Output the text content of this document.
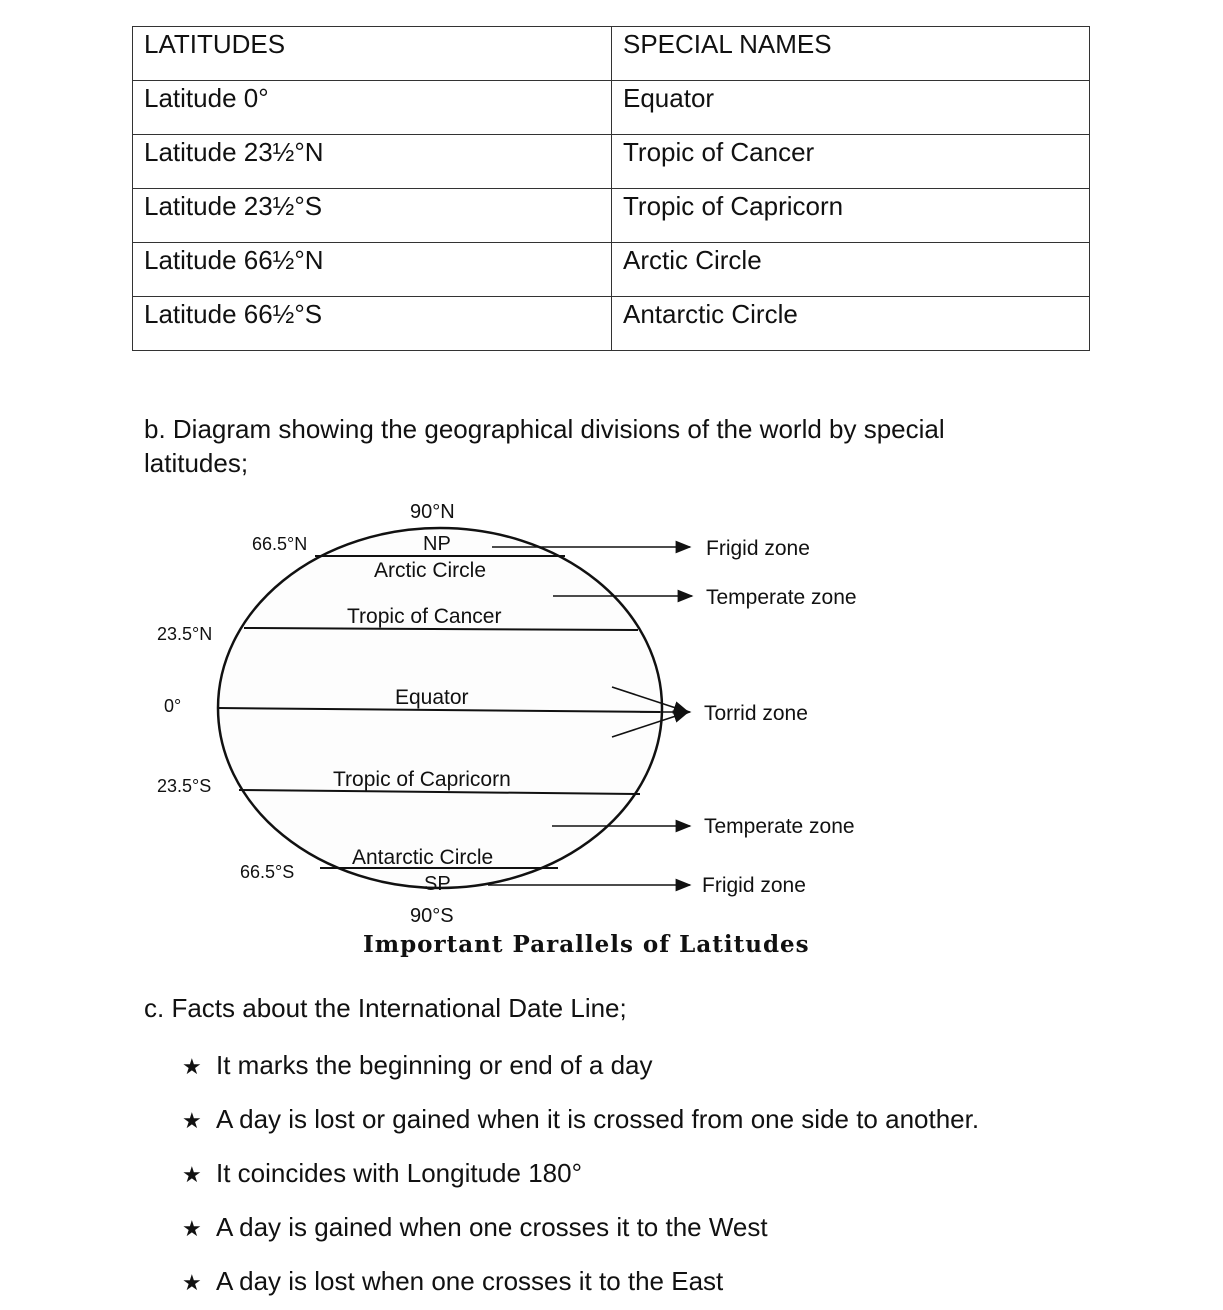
LATITUDES	SPECIAL NAMES
Latitude 0°	Equator
Latitude 23½°N	Tropic of Cancer
Latitude 23½°S	Tropic of Capricorn
Latitude 66½°N	Arctic Circle
Latitude 66½°S	Antarctic Circle
b. Diagram showing the geographical divisions of the world by special latitudes;
90°N
NP
66.5°N
Arctic Circle
Tropic of Cancer
23.5°N
Equator
0°
Tropic of Capricorn
23.5°S
Antarctic Circle
66.5°S
SP
90°S
Frigid zone
Temperate zone
Torrid zone
Temperate zone
Frigid zone
Important Parallels of Latitudes
c. Facts about the International Date Line;
★ It marks the beginning or end of a day
★ A day is lost or gained when it is crossed from one side to another.
★ It coincides with Longitude 180°
★ A day is gained when one crosses it to the West
★ A day is lost when one crosses it to the East
